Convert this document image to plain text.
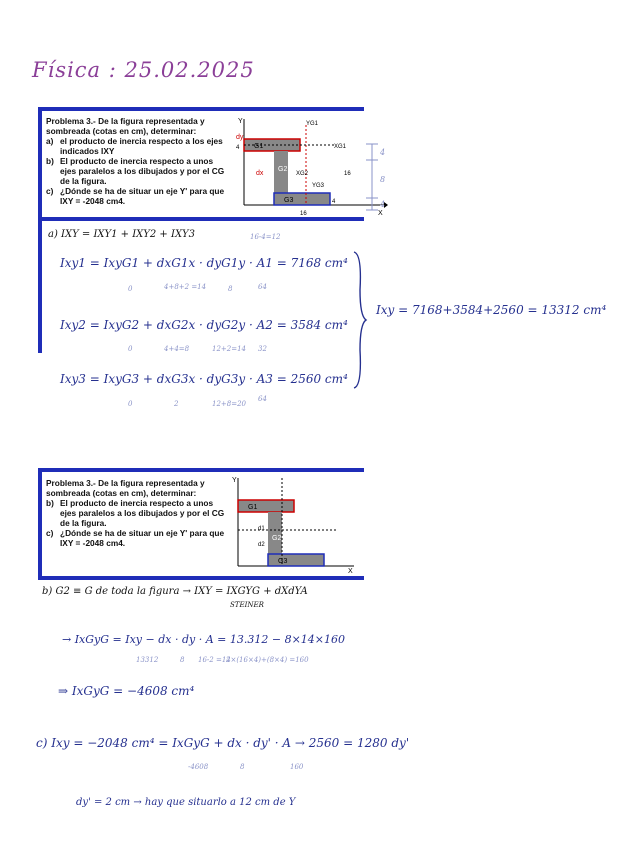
Física : 25.02.2025
Problema 3.- De la figura representada y sombreada (cotas en cm), determinar:
a) el producto de inercia respecto a los ejes indicados IXY
b) El producto de inercia respecto a unos ejes paralelos a los dibujados y por el CG de la figura.
c) ¿Dónde se ha de situar un eje Y' para que IXY = -2048 cm4.
G1
G2
G3
YG1
XG1
XG2
YG3
dy
dx
Y
X
4
16
4
16
4
8
4
a) IXY = IXY1 + IXY2 + IXY3	16-4=12
Ixy1 = IxyG1 + dxG1x · dyG1y · A1 = 7168 cm⁴
0	4+8+2 =14	8	64
Ixy2 = IxyG2 + dxG2x · dyG2y · A2 = 3584 cm⁴
0	4+4=8	12+2=14 32
Ixy3 = IxyG3 + dxG3x · dyG3y · A3 = 2560 cm⁴
0	2	12+8=20
64
Ixy = 7168+3584+2560 = 13312 cm⁴
Problema 3.- De la figura representada y sombreada (cotas en cm), determinar:
b) El producto de inercia respecto a unos ejes paralelos a los dibujados y por el CG de la figura.
c) ¿Dónde se ha de situar un eje Y' para que IXY = -2048 cm4.
G1
G2
G3
d1
d2
Y
X
b) G2 ≡ G de toda la figura → IXY = IXGYG + dXdYA
STEINER
→ IxGyG = Ixy − dx · dy · A = 13.312 − 8×14×160
13312	8 16-2 =14
2×(16×4)+(8×4) =160
⇒ IxGyG = −4608 cm⁴
c) Ixy = −2048 cm⁴ = IxGyG + dx · dy' · A → 2560 = 1280 dy'
-4608	8	160
dy' = 2 cm → hay que situarlo a 12 cm de Y
